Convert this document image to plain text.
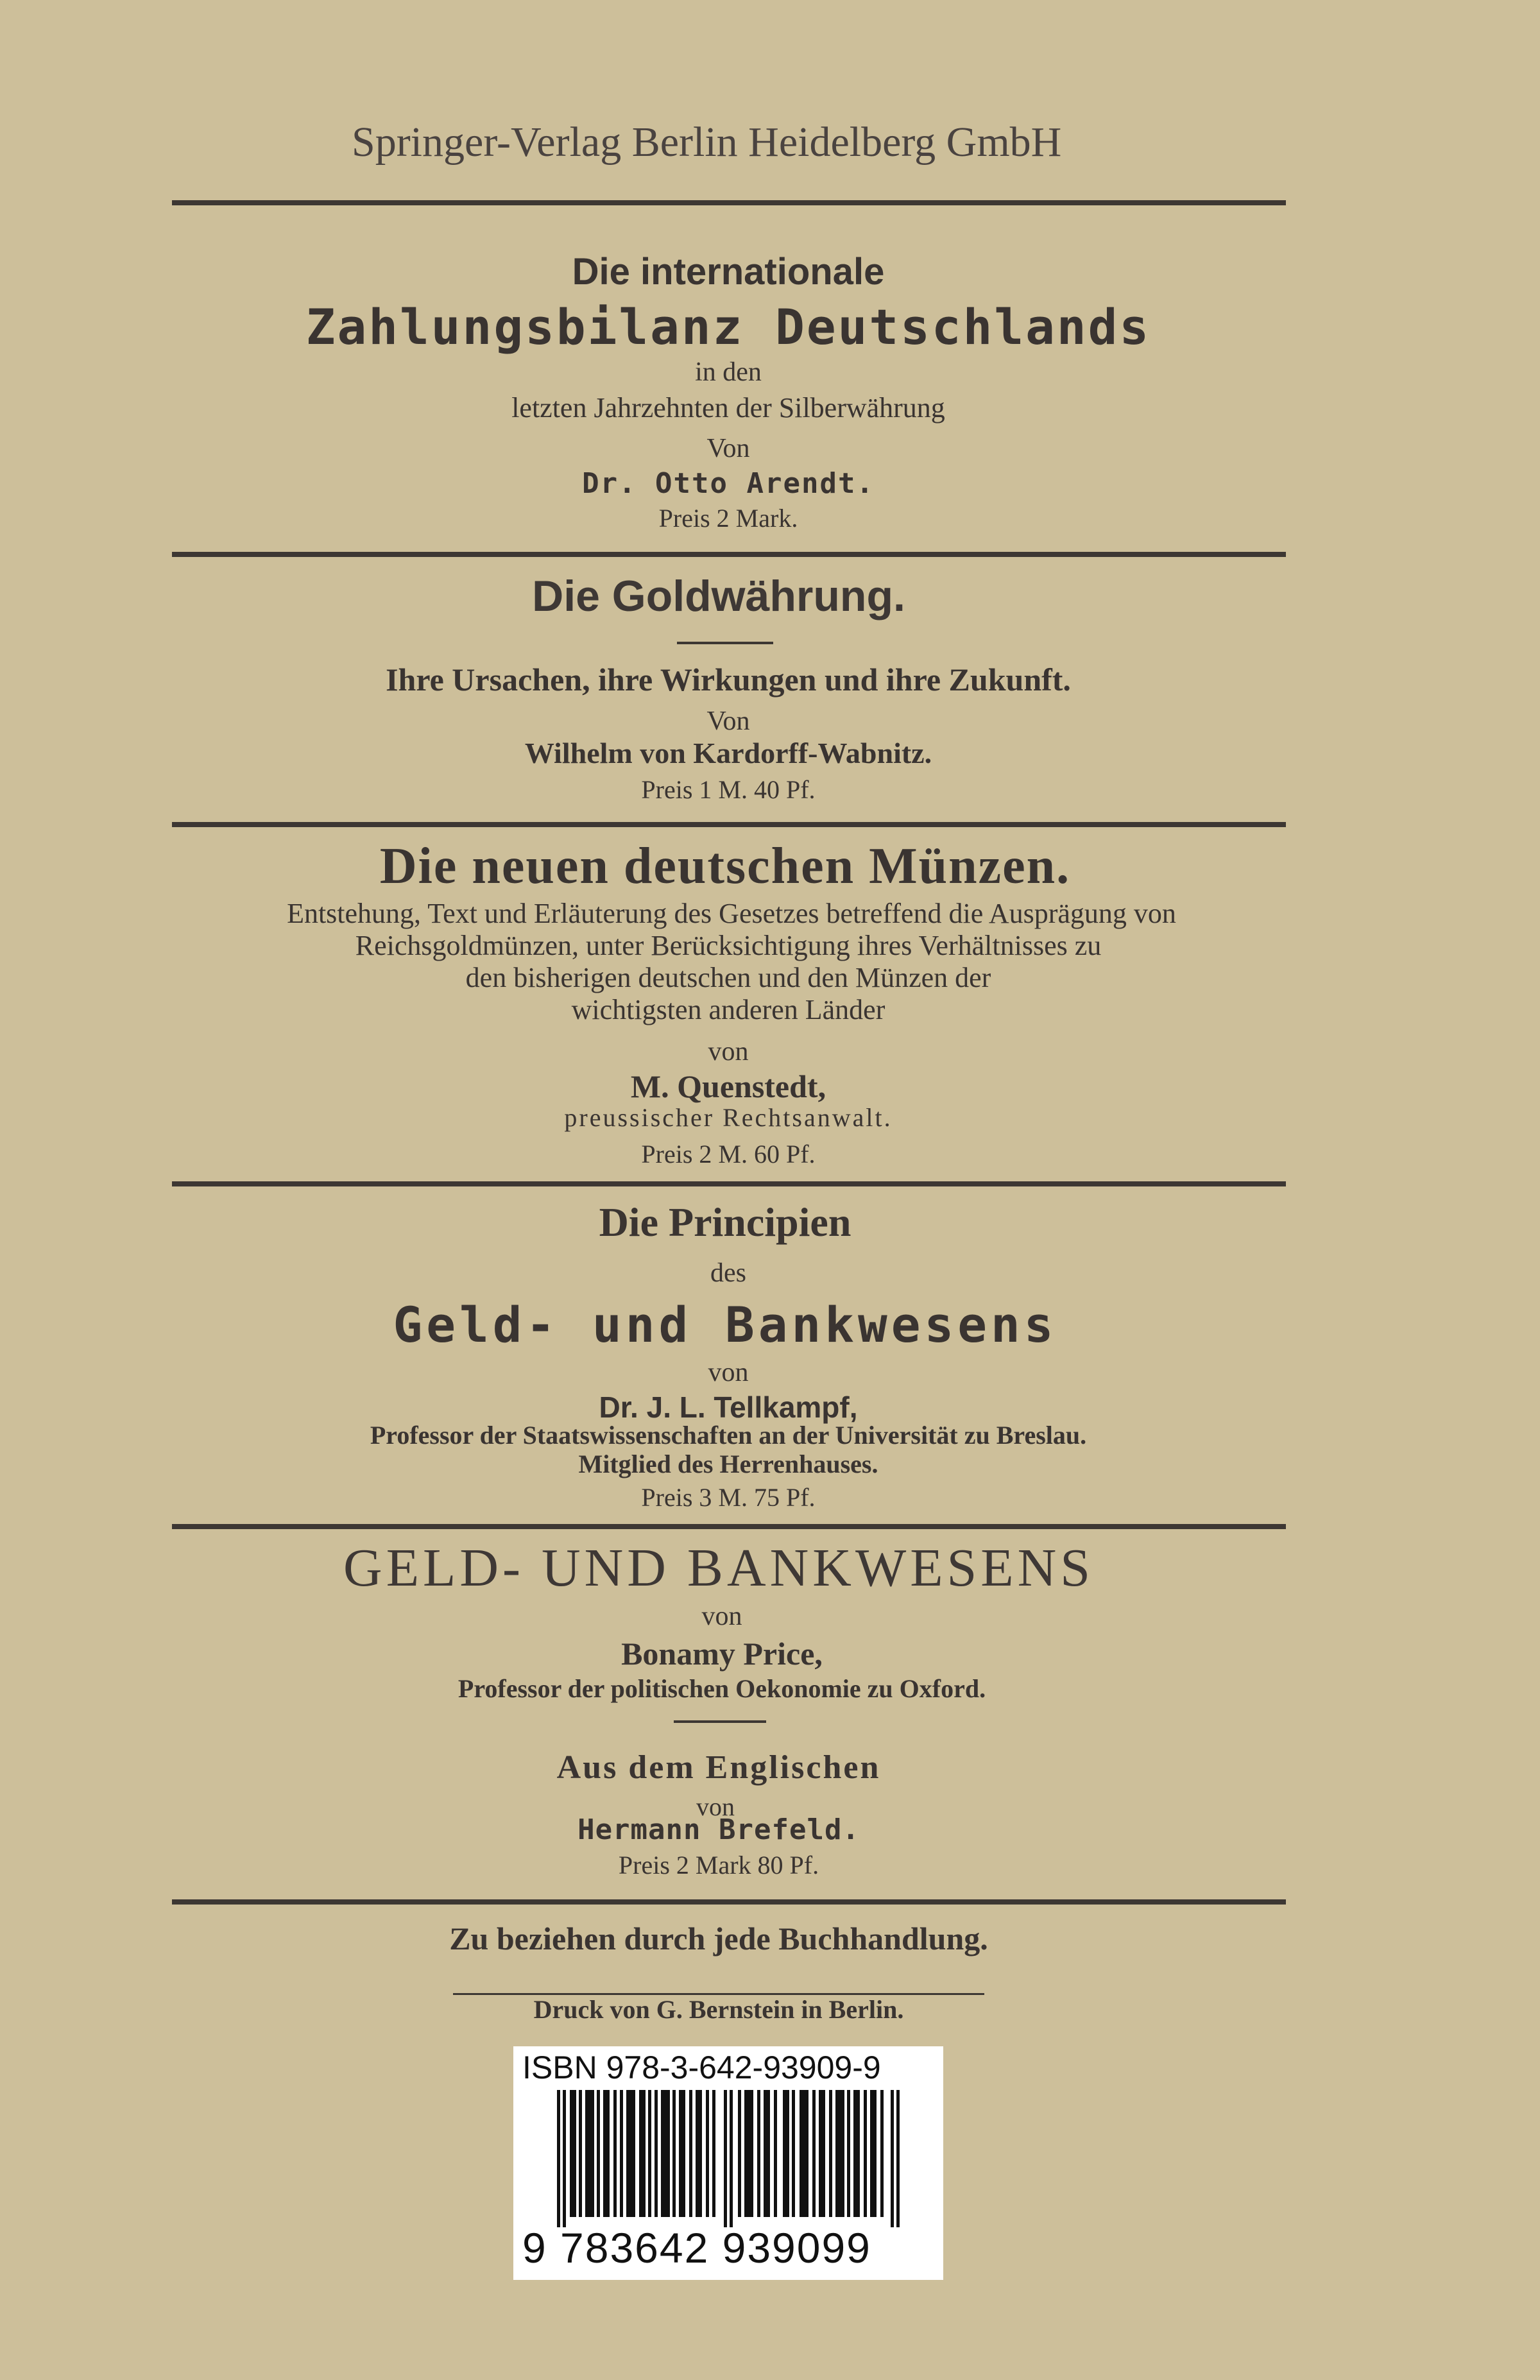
Springer-Verlag Berlin Heidelberg GmbH
Die internationale
Zahlungsbilanz Deutschlands
in den
letzten Jahrzehnten der Silberwährung
Von
Dr. Otto Arendt.
Preis 2 Mark.
Die Goldwährung.
Ihre Ursachen, ihre Wirkungen und ihre Zukunft.
Von
Wilhelm von Kardorff-Wabnitz.
Preis 1 M. 40 Pf.
Die neuen deutschen Münzen.
Entstehung, Text und Erläuterung des Gesetzes betreffend die Ausprägung von
Reichsgoldmünzen, unter Berücksichtigung ihres Verhältnisses zu
den bisherigen deutschen und den Münzen der
wichtigsten anderen Länder
von
M. Quenstedt,
preussischer Rechtsanwalt.
Preis 2 M. 60 Pf.
Die Principien
des
Geld- und Bankwesens
von
Dr. J. L. Tellkampf,
Professor der Staatswissenschaften an der Universität zu Breslau.
Mitglied des Herrenhauses.
Preis 3 M. 75 Pf.
GELD- UND BANKWESENS
von
Bonamy Price,
Professor der politischen Oekonomie zu Oxford.
Aus dem Englischen
von
Hermann Brefeld.
Preis 2 Mark 80 Pf.
Zu beziehen durch jede Buchhandlung.
Druck von G. Bernstein in Berlin.
ISBN 978-3-642-93909-9
9 783642 939099
